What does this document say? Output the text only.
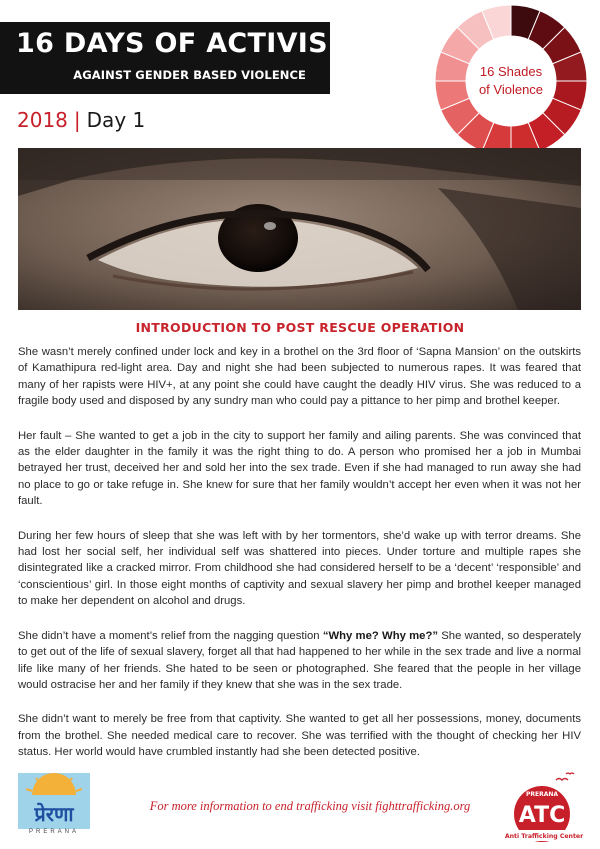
16 DAYS OF ACTIVISM
AGAINST GENDER BASED VIOLENCE
2018 | Day 1
16 Shades
of Violence
INTRODUCTION TO POST RESCUE OPERATION

She wasn’t merely confined under lock and key in a brothel on the 3rd floor of ‘Sapna Mansion’ on the outskirts of Kamathipura red-light area. Day and night she had been subjected to numerous rapes. It was feared that many of her rapists were HIV+, at any point she could have caught the deadly HIV virus. She was reduced to a fragile body used and disposed by any sundry man who could pay a pittance to her pimp and brothel keeper.

Her fault – She wanted to get a job in the city to support her family and ailing parents. She was convinced that as the elder daughter in the family it was the right thing to do. A person who promised her a job in Mumbai betrayed her trust, deceived her and sold her into the sex trade. Even if she had managed to run away she had no place to go or take refuge in. She knew for sure that her family wouldn’t accept her even when it was not her fault.

During her few hours of sleep that she was left with by her tormentors, she’d wake up with terror dreams. She had lost her social self, her individual self was shattered into pieces. Under torture and multiple rapes she disintegrated like a cracked mirror. From childhood she had considered herself to be a ‘decent’ ‘responsible’ and ‘conscientious’ girl. In those eight months of captivity and sexual slavery her pimp and brothel keeper managed to make her dependent on alcohol and drugs.

She didn’t have a moment’s relief from the nagging question “Why me? Why me?” She wanted, so desperately to get out of the life of sexual slavery, forget all that had happened to her while in the sex trade and live a normal life like many of her friends. She hated to be seen or photographed. She feared that the people in her village would ostracise her and her family if they knew that she was in the sex trade.

She didn’t want to merely be free from that captivity. She wanted to get all her possessions, money, documents from the brothel. She needed medical care to recover. She was terrified with the thought of checking her HIV status. Her world would have crumbled instantly had she been detected positive.

प्रेरणा
PRERANA
For more information to end trafficking visit fighttrafficking.org
PRERANA
ATC
Anti Trafficking Center
